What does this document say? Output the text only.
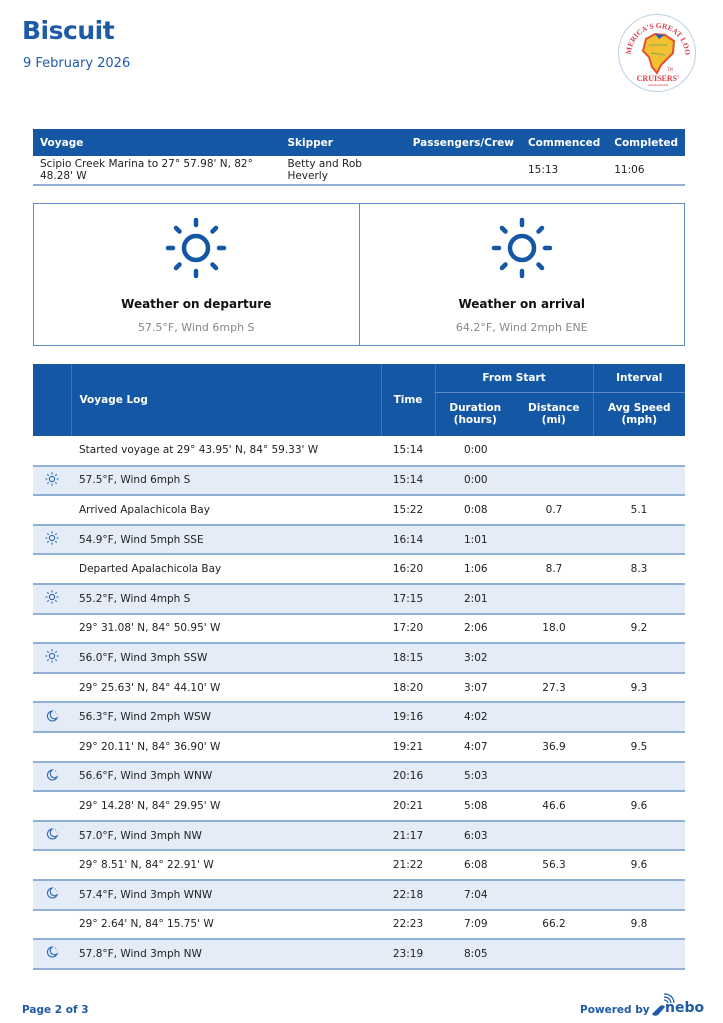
Biscuit
9 February 2026
MERICA'S GREAT LOO
TM
CRUISERS'
ASSOCIATION
Voyage	Skipper	Passengers/Crew	Commenced	Completed
Scipio Creek Marina to 27° 57.98' N, 82° 48.28' W	Betty and Rob Heverly		15:13	11:06
Weather on departure
57.5°F, Wind 6mph S
Weather on arrival
64.2°F, Wind 2mph ENE
	Voyage Log	Time	From Start		Interval
			Duration (hours)	Distance (mi)	Avg Speed (mph)
	Started voyage at 29° 43.95' N, 84° 59.33' W	15:14	0:00		
	57.5°F, Wind 6mph S	15:14	0:00		
	Arrived Apalachicola Bay	15:22	0:08	0.7	5.1
	54.9°F, Wind 5mph SSE	16:14	1:01		
	Departed Apalachicola Bay	16:20	1:06	8.7	8.3
	55.2°F, Wind 4mph S	17:15	2:01		
	29° 31.08' N, 84° 50.95' W	17:20	2:06	18.0	9.2
	56.0°F, Wind 3mph SSW	18:15	3:02		
	29° 25.63' N, 84° 44.10' W	18:20	3:07	27.3	9.3
	56.3°F, Wind 2mph WSW	19:16	4:02		
	29° 20.11' N, 84° 36.90' W	19:21	4:07	36.9	9.5
	56.6°F, Wind 3mph WNW	20:16	5:03		
	29° 14.28' N, 84° 29.95' W	20:21	5:08	46.6	9.6
	57.0°F, Wind 3mph NW	21:17	6:03		
	29° 8.51' N, 84° 22.91' W	21:22	6:08	56.3	9.6
	57.4°F, Wind 3mph WNW	22:18	7:04		
	29° 2.64' N, 84° 15.75' W	22:23	7:09	66.2	9.8
	57.8°F, Wind 3mph NW	23:19	8:05		
Page 2 of 3	Powered by nebo
